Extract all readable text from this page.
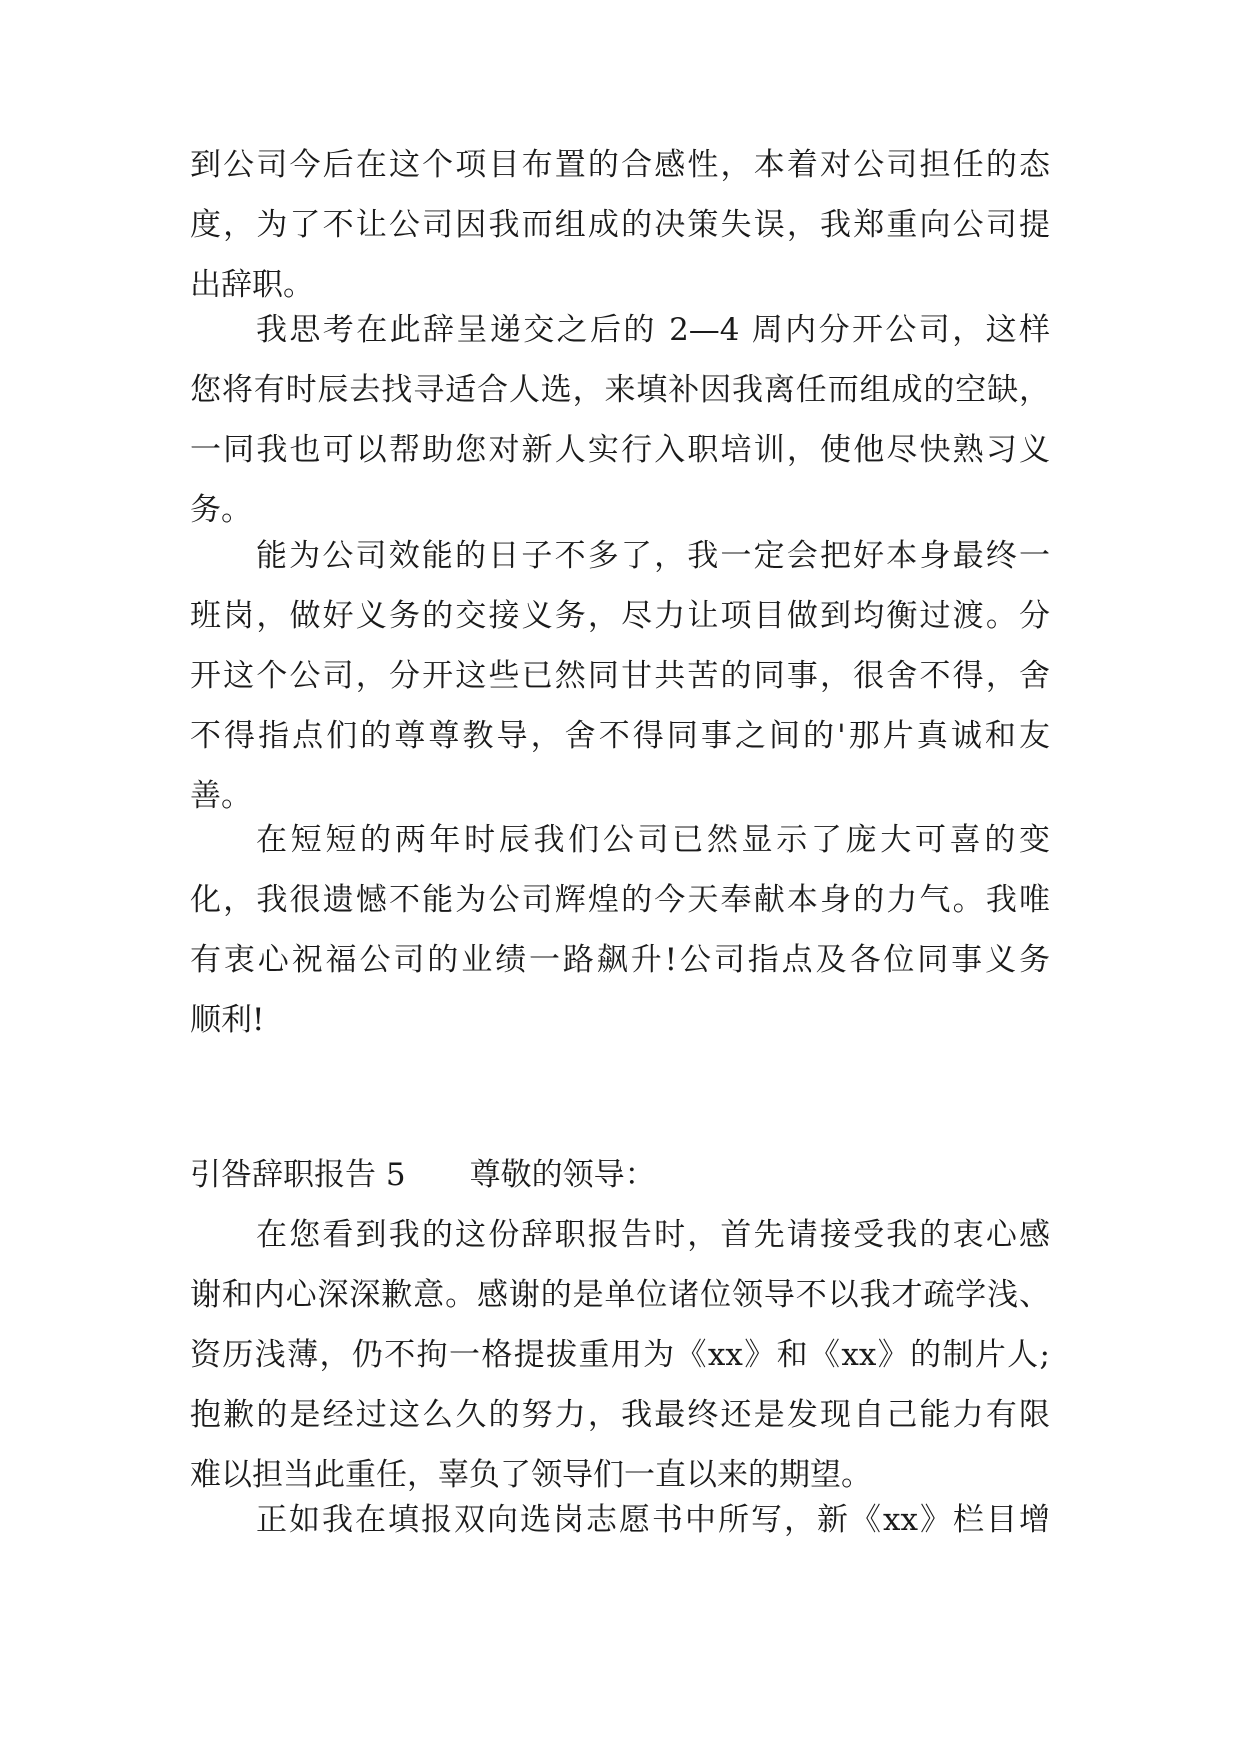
到公司今后在这个项目布置的合感性，本着对公司担任的态
度，为了不让公司因我而组成的决策失误，我郑重向公司提
出辞职。
我思考在此辞呈递交之后的 2—4 周内分开公司，这样
您将有时辰去找寻适合人选，来填补因我离任而组成的空缺，
一同我也可以帮助您对新人实行入职培训，使他尽快熟习义
务。
能为公司效能的日子不多了，我一定会把好本身最终一
班岗，做好义务的交接义务，尽力让项目做到均衡过渡。分
开这个公司，分开这些已然同甘共苦的同事，很舍不得，舍
不得指点们的尊尊教导，舍不得同事之间的'那片真诚和友
善。
在短短的两年时辰我们公司已然显示了庞大可喜的变
化，我很遗憾不能为公司辉煌的今天奉献本身的力气。我唯
有衷心祝福公司的业绩一路飙升!公司指点及各位同事义务
顺利!
引咎辞职报告 5 尊敬的领导：
在您看到我的这份辞职报告时，首先请接受我的衷心感
谢和内心深深歉意。感谢的是单位诸位领导不以我才疏学浅、
资历浅薄，仍不拘一格提拔重用为《xx》和《xx》的制片人;
抱歉的是经过这么久的努力，我最终还是发现自己能力有限
难以担当此重任，辜负了领导们一直以来的期望。
正如我在填报双向选岗志愿书中所写，新《xx》栏目增
